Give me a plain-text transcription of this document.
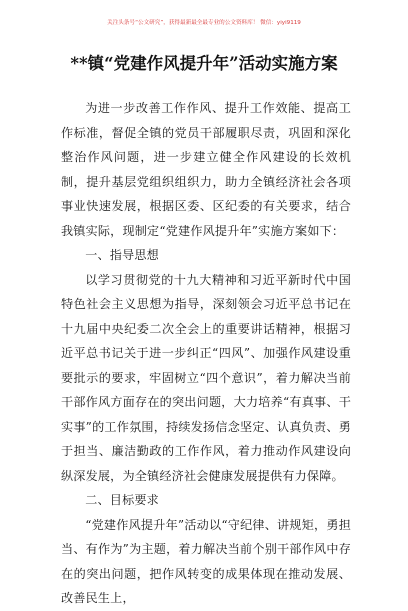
关注头条号“公文研究”，获得最新最全最专业的公文资料库！ 微信：yiyi9119
**镇“党建作风提升年”活动实施方案

为进一步改善工作作风、提升工作效能、提高工作标准，督促全镇的党员干部履职尽责，巩固和深化整治作风问题，进一步建立健全作风建设的长效机制，提升基层党组织组织力，助力全镇经济社会各项事业快速发展，根据区委、区纪委的有关要求，结合我镇实际，现制定“党建作风提升年”实施方案如下：

一、指导思想

以学习贯彻党的十九大精神和习近平新时代中国特色社会主义思想为指导，深刻领会习近平总书记在十九届中央纪委二次全会上的重要讲话精神，根据习近平总书记关于进一步纠正“四风”、加强作风建设重要批示的要求，牢固树立“四个意识”，着力解决当前干部作风方面存在的突出问题，大力培养“有真事、干实事”的工作氛围，持续发扬信念坚定、认真负责、勇于担当、廉洁勤政的工作作风，着力推动作风建设向纵深发展，为全镇经济社会健康发展提供有力保障。

二、目标要求

“党建作风提升年”活动以“守纪律、讲规矩，勇担当、有作为”为主题，着力解决当前个别干部作风中存在的突出问题，把作风转变的成果体现在推动发展、改善民生上，
